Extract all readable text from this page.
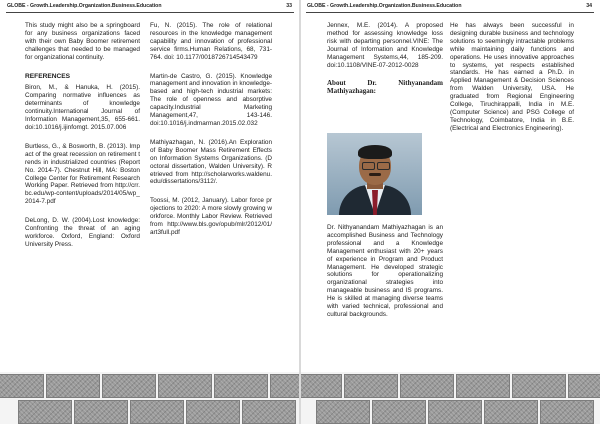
GLOBE - Growth.Leadership.Organization.Business.Education	33

This study might also be a springboard for any business organizations faced with their own Baby Boomer retirement challenges that needed to be managed for organizational continuity.

REFERENCES

Biron, M., & Hanuka, H. (2015). Comparing normative influences as determinants of knowledge continuity.International Journal of Information Management,35, 655-661. doi:10.1016/j.ijinfomgt. 2015.07.006

Burtless, G., & Bosworth, B. (2013). Impact of the great recession on retirement trends in industrialized countries (Report No. 2014-7). Chestnut Hill, MA: Boston College Center for Retirement Research Working Paper. Retrieved from http://crr.bc.edu/wp-content/uploads/2014/05/wp_2014-7.pdf

DeLong, D. W. (2004).Lost knowledge: Confronting the threat of an aging workforce. Oxford, England: Oxford University Press.

Fu, N. (2015). The role of relational resources in the knowledge management capability and innovation of professional service firms.Human Relations, 68, 731-764. doi: 10.1177/0018726714543479

Martin-de Castro, G. (2015). Knowledge management and innovation in knowledge-based and high-tech industrial markets: The role of openness and absorptive capacity.Industrial Marketing Management,47, 143-146. doi:10.1016/j.indmarman.2015.02.032

Mathiyazhagan, N. (2016).An Exploration of Baby Boomer Mass Retirement Effects on Information Systems Organizations. (Doctoral dissertation, Walden University). Retrieved from http://scholarworks.waldenu.edu/dissertations/3112/.

Toossi, M. (2012, January). Labor force projections to 2020: A more slowly growing workforce. Monthly Labor Review. Retrieved from http://www.bls.gov/opub/mlr/2012/01/art3full.pdf

GLOBE - Growth.Leadership.Organization.Business.Education	34

Jennex, M.E. (2014). A proposed method for assessing knowledge loss risk with departing personnel.VINE: The Journal of Information and Knowledge Management Systems,44, 185-209. doi:10.1108/VINE-07-2012-0028

About Dr. Nithyanandam Mathiyazhagan:

Dr. Nithyanandam Mathiyazhagan is an accomplished Business and Technology professional and a Knowledge Management enthusiast with 20+ years of experience in Program and Product Management. He developed strategic solutions for operationalizing organizational strategies into manageable business and IS programs. He is skilled at managing diverse teams with varied technical, professional and cultural backgrounds.

He has always been successful in designing durable business and technology solutions to seemingly intractable problems while maintaining daily functions and operations. He uses innovative approaches to systems, yet respects established standards. He has earned a Ph.D. in Applied Management & Decision Sciences from Walden University, USA. He graduated from Regional Engineering College, Tiruchirappalli, India in M.E. (Computer Science) and PSG College of Technology, Coimbatore, India in B.E. (Electrical and Electronics Engineering).
